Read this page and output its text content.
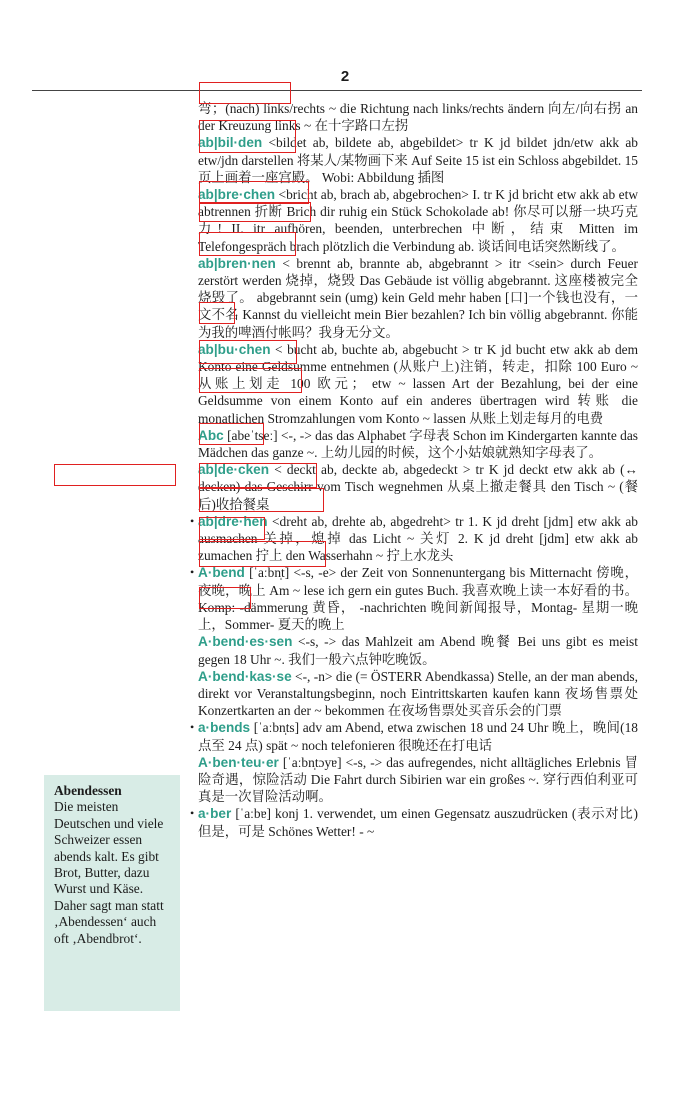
2

弯；(nach) links/rechts ~ die Richtung nach links/rechts ändern 向左/向右拐 an der Kreuzung links ~ 在十字路口左拐

ab|bil·den <bildet ab, bildete ab, abgebildet> tr K jd bildet jdn/etw akk ab etw/jdn darstellen 将某人/某物画下来 Auf Seite 15 ist ein Schloss abgebildet. 15 页上画着一座宫殿。 Wobi: Abbildung 插图

ab|bre·chen <bricht ab, brach ab, abgebrochen> I. tr K jd bricht etw akk ab etw abtrennen 折断 Brich dir ruhig ein Stück Schokolade ab! 你尽可以掰一块巧克力! II. itr aufhören, beenden, unterbrechen 中断，结束 Mitten im Telefongespräch brach plötzlich die Verbindung ab. 谈话间电话突然断线了。

ab|bren·nen < brennt ab, brannte ab, abgebrannt > itr <sein> durch Feuer zerstört werden 烧掉，烧毁 Das Gebäude ist völlig abgebrannt. 这座楼被完全烧毁了。 abgebrannt sein (umg) kein Geld mehr haben [口]一个钱也没有，一文不名 Kannst du vielleicht mein Bier bezahlen? Ich bin völlig abgebrannt. 你能为我的啤酒付帐吗？我身无分文。

ab|bu·chen < bucht ab, buchte ab, abgebucht > tr K jd bucht etw akk ab dem Konto eine Geldsumme entnehmen (从账户上)注销，转走，扣除 100 Euro ~ 从账上划走 100 欧元； etw ~ lassen Art der Bezahlung, bei der eine Geldsumme von einem Konto auf ein anderes übertragen wird 转账 die monatlichen Stromzahlungen vom Konto ~ lassen 从账上划走每月的电费

Abc [abeˈtseː] <-, -> das das Alphabet 字母表 Schon im Kindergarten kannte das Mädchen das ganze ~. 上幼儿园的时候，这个小姑娘就熟知字母表了。

ab|de·cken < deckt ab, deckte ab, abgedeckt > tr K jd deckt etw akk ab (↔ decken) das Geschirr vom Tisch wegnehmen 从桌上撤走餐具 den Tisch ~ (餐后)收拾餐桌

• ab|dre·hen <dreht ab, drehte ab, abgedreht> tr 1. K jd dreht [jdm] etw akk ab ausmachen 关掉，熄掉 das Licht ~ 关灯 2. K jd dreht [jdm] etw akk ab zumachen 拧上 den Wasserhahn ~ 拧上水龙头

• A·bend [ˈaːbn̩t] <-s, -e> der Zeit von Sonnenuntergang bis Mitternacht 傍晚，夜晚，晚上 Am ~ lese ich gern ein gutes Buch. 我喜欢晚上读一本好看的书。 Komp: -dämmerung 黄昏， -nachrichten 晚间新闻报导，Montag- 星期一晚上，Sommer- 夏天的晚上

A·bend·es·sen <-s, -> das Mahlzeit am Abend 晚餐 Bei uns gibt es meist gegen 18 Uhr ~. 我们一般六点钟吃晚饭。

A·bend·kas·se <-, -n> die (= ÖSTERR Abendkassa) Stelle, an der man abends, direkt vor Veranstaltungsbeginn, noch Eintrittskarten kaufen kann 夜场售票处 Konzertkarten an der ~ bekommen 在夜场售票处买音乐会的门票

• a·bends [ˈaːbn̩ts] adv am Abend, etwa zwischen 18 und 24 Uhr 晚上，晚间(18 点至 24 点) spät ~ noch telefonieren 很晚还在打电话

A·ben·teu·er [ˈaːbn̩tɔyɐ] <-s, -> das aufregendes, nicht alltägliches Erlebnis 冒险奇遇，惊险活动 Die Fahrt durch Sibirien war ein großes ~. 穿行西伯利亚可真是一次冒险活动啊。

• a·ber [ˈaːbɐ] konj 1. verwendet, um einen Gegensatz auszudrücken (表示对比)但是，可是 Schönes Wetter! - ~

Abendessen
Die meisten Deutschen und viele Schweizer essen abends kalt. Es gibt Brot, Butter, dazu Wurst und Käse. Daher sagt man statt ‚Abendessen‘ auch oft ‚Abendbrot‘.
